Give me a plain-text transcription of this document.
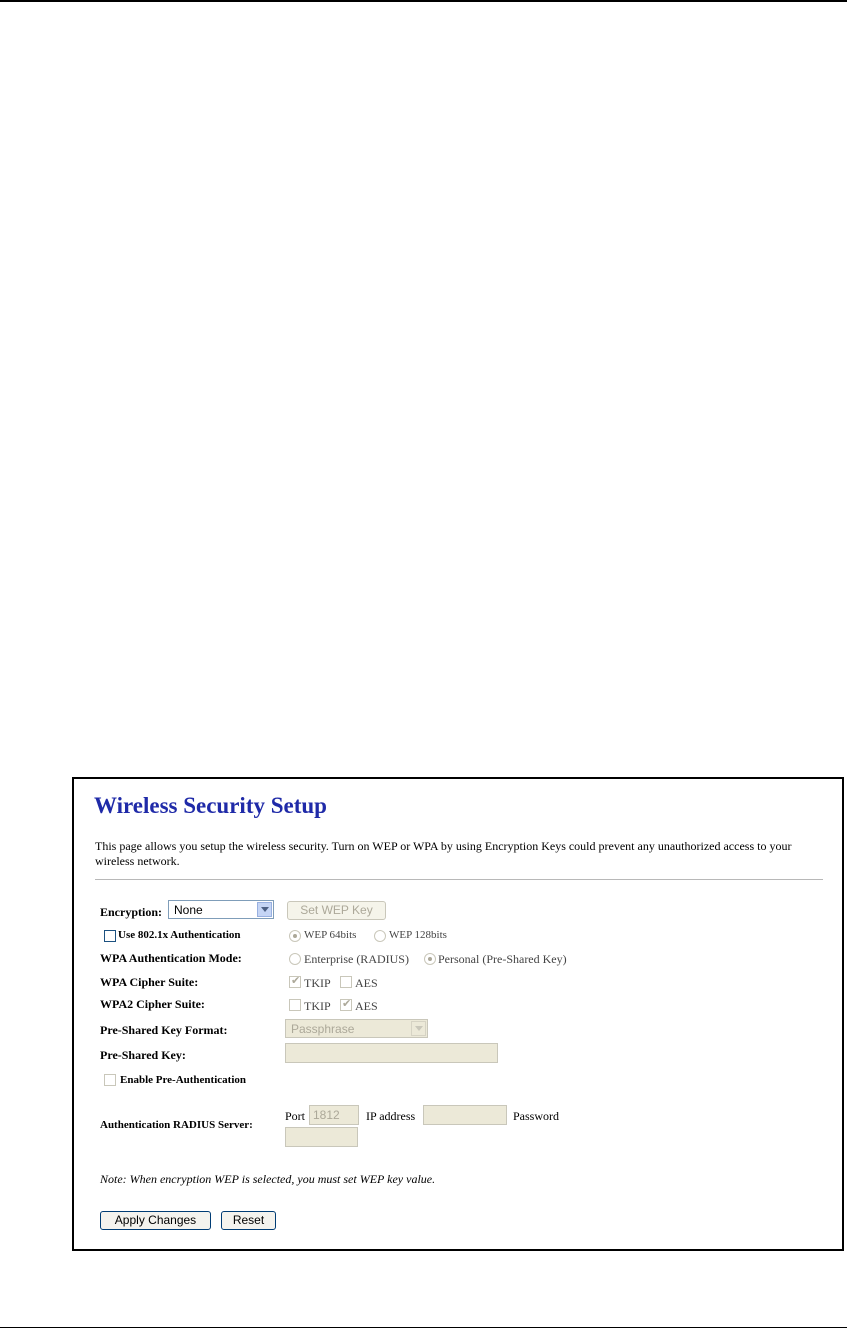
Wireless Security Setup
This page allows you setup the wireless security. Turn on WEP or WPA by using Encryption Keys could prevent any unauthorized access to your wireless network.
Encryption: None	Set WEP Key
Use 802.1x Authentication	WEP 64bits	WEP 128bits
WPA Authentication Mode:	Enterprise (RADIUS) Personal (Pre-Shared Key)
WPA Cipher Suite:	✔ TKIP AES
WPA2 Cipher Suite:	TKIP ✔ AES
Pre-Shared Key Format:	Passphrase
Pre-Shared Key:
Enable Pre-Authentication
Authentication RADIUS Server:
Port 1812	IP address	Password
Note: When encryption WEP is selected, you must set WEP key value.
Apply Changes	Reset
